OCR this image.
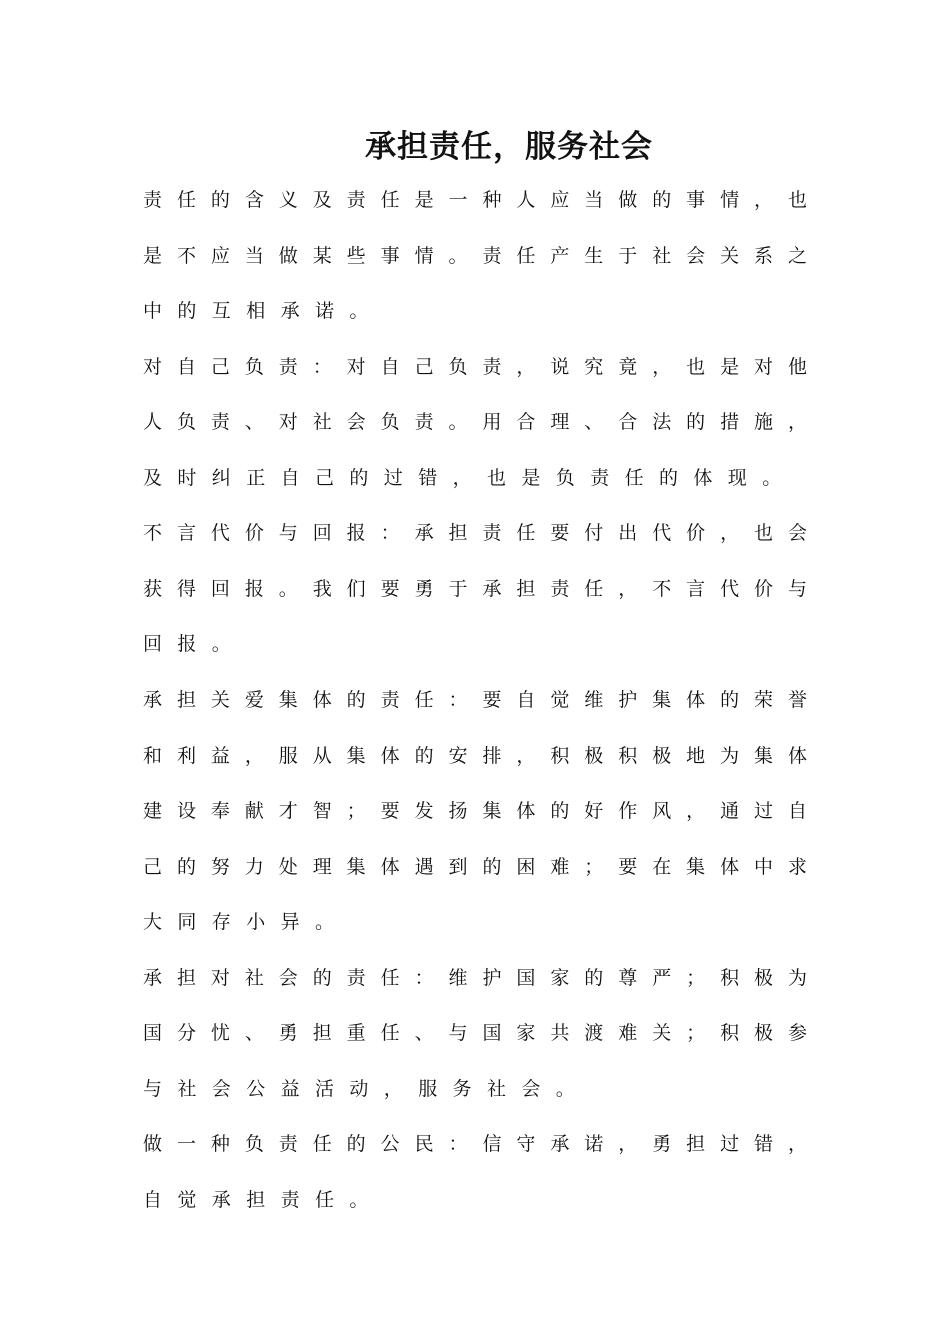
承担责任，服务社会
责任的含义及责任是一种人应当做的事情，也
是不应当做某些事情。责任产生于社会关系之
中的互相承诺。
对自己负责：对自己负责，说究竟，也是对他
人负责、对社会负责。用合理、合法的措施，
及时纠正自己的过错，也是负责任的体现。
不言代价与回报：承担责任要付出代价，也会
获得回报。我们要勇于承担责任，不言代价与
回报。
承担关爱集体的责任：要自觉维护集体的荣誉
和利益，服从集体的安排，积极积极地为集体
建设奉献才智；要发扬集体的好作风，通过自
己的努力处理集体遇到的困难；要在集体中求
大同存小异。
承担对社会的责任：维护国家的尊严；积极为
国分忧、勇担重任、与国家共渡难关；积极参
与社会公益活动，服务社会。
做一种负责任的公民：信守承诺，勇担过错，
自觉承担责任。
